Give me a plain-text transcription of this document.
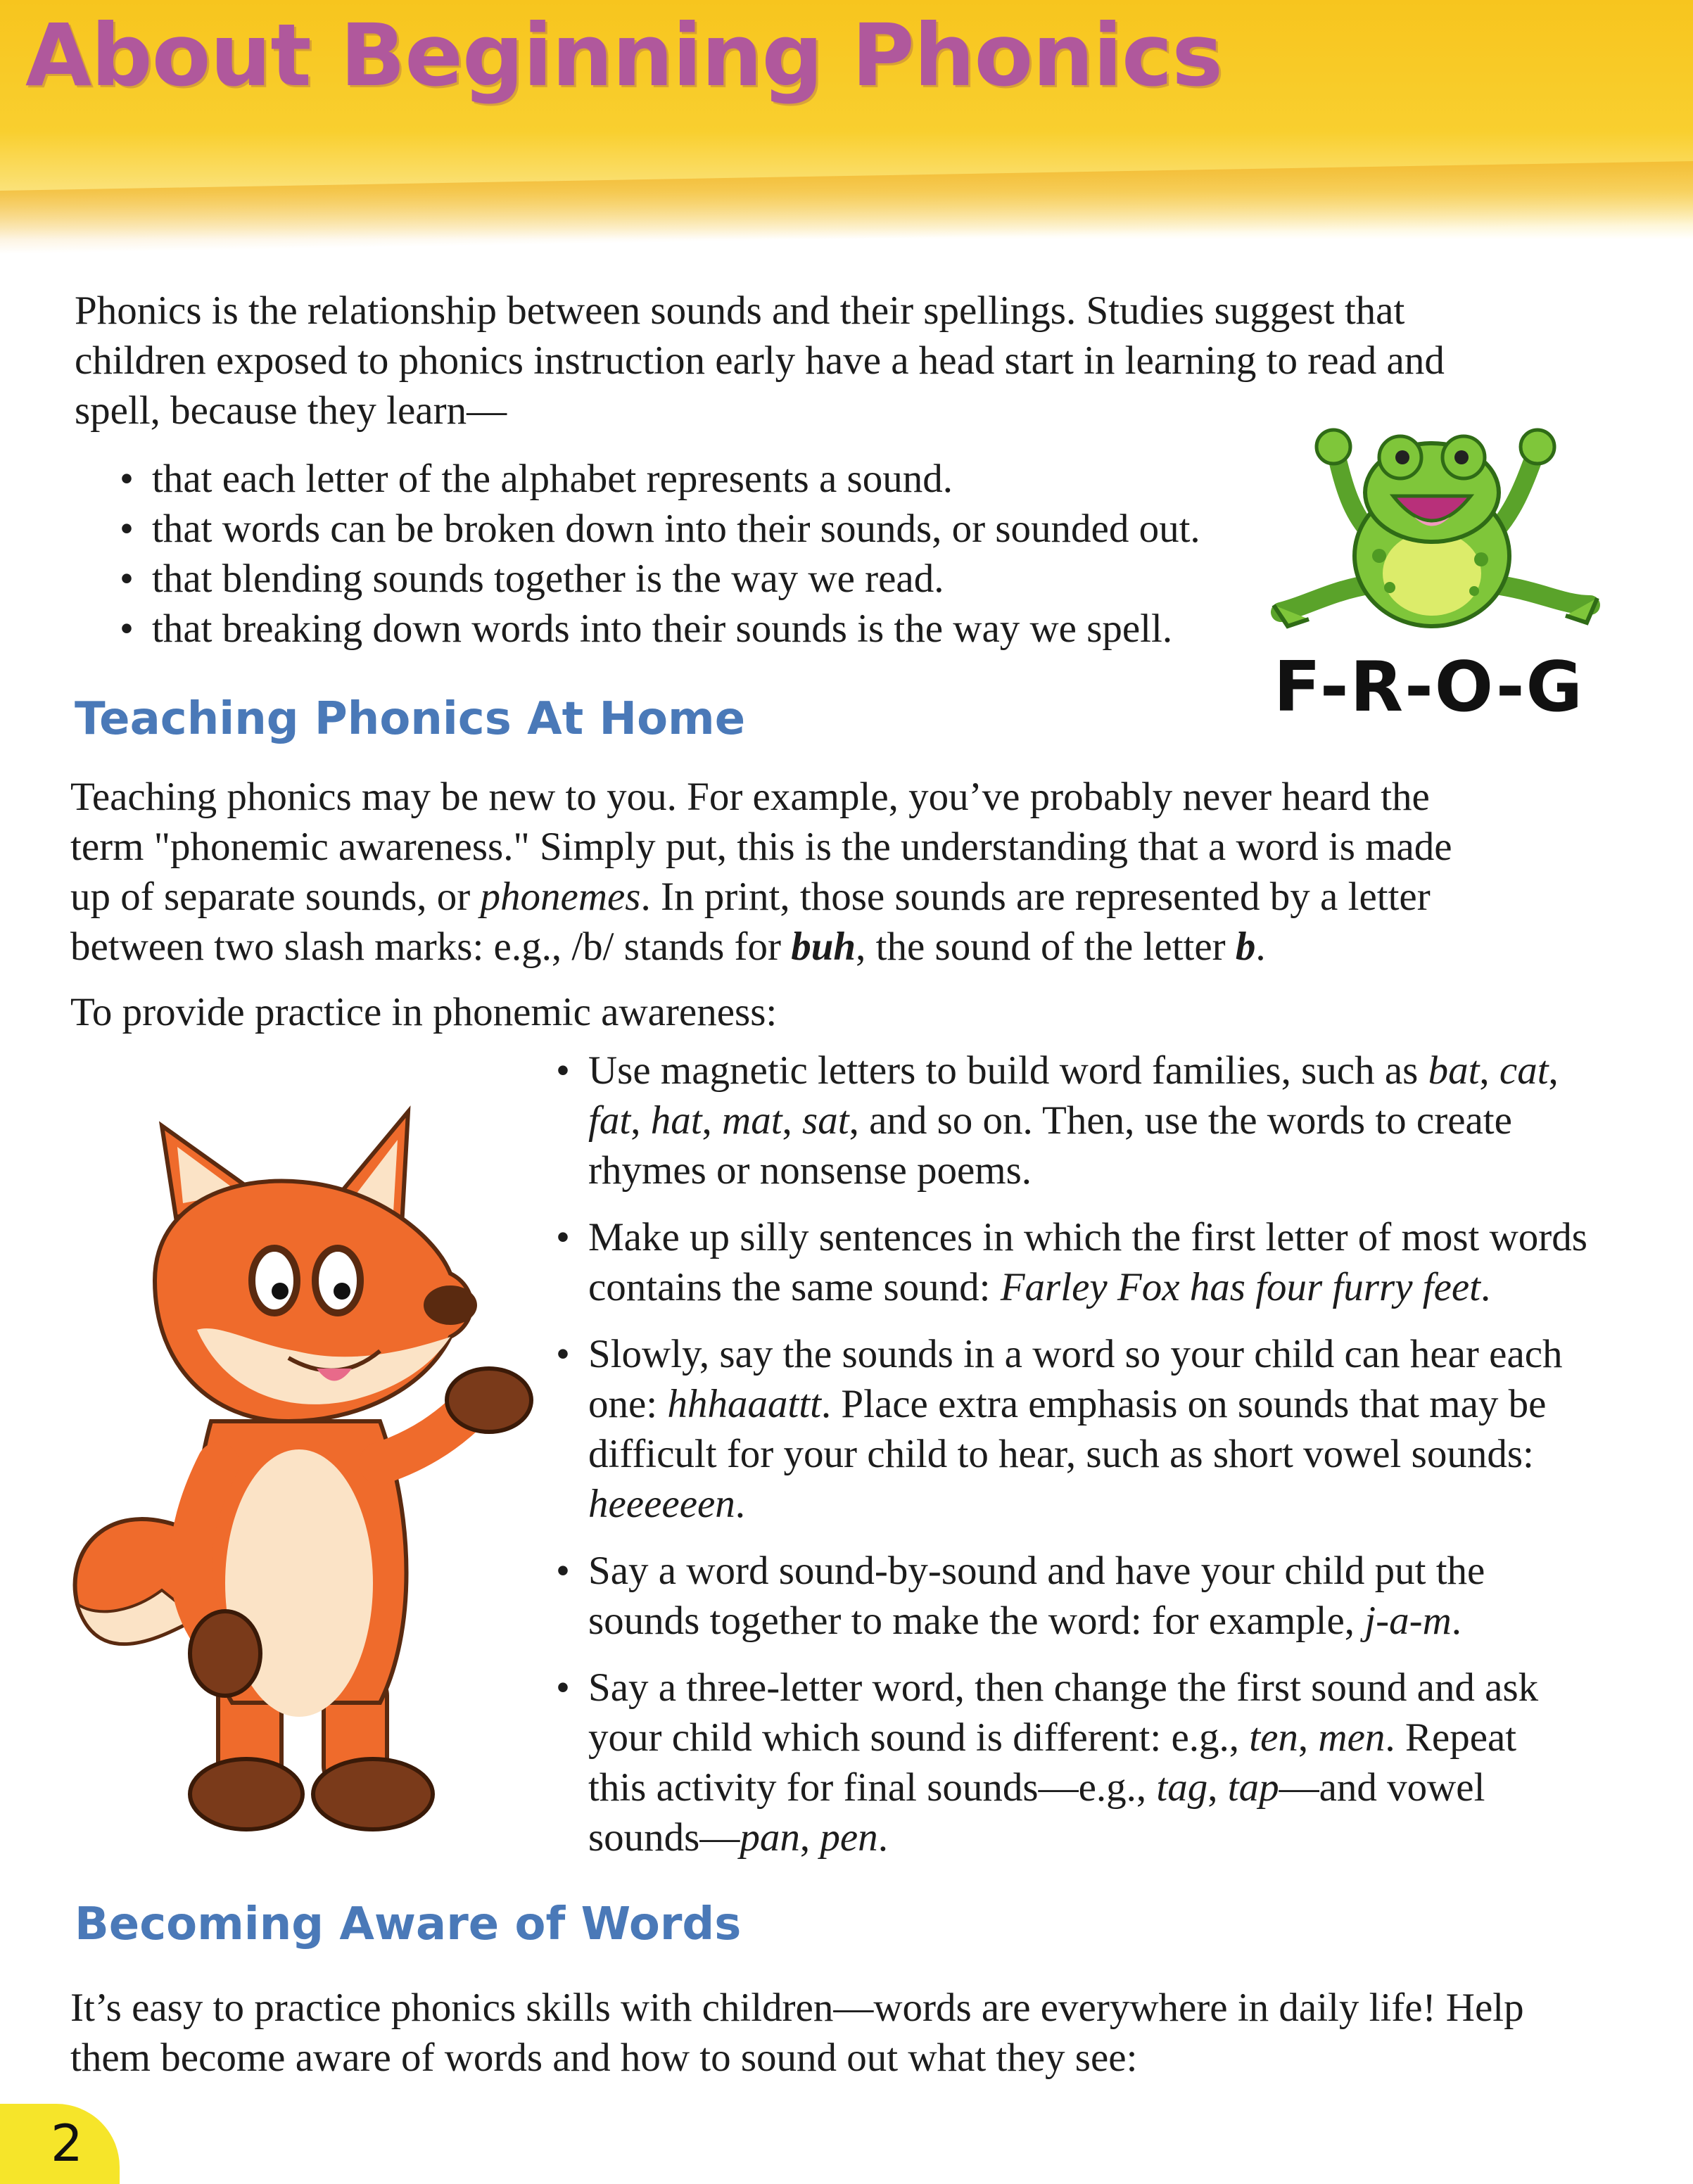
About Beginning Phonics
Phonics is the relationship between sounds and their spellings. Studies suggest that
children exposed to phonics instruction early have a head start in learning to read and
spell, because they learn—
• that each letter of the alphabet represents a sound.
• that words can be broken down into their sounds, or sounded out.
• that blending sounds together is the way we read.
• that breaking down words into their sounds is the way we spell.
F-R-O-G
Teaching Phonics At Home
Teaching phonics may be new to you. For example, you’ve probably never heard the
term "phonemic awareness." Simply put, this is the understanding that a word is made
up of separate sounds, or phonemes. In print, those sounds are represented by a letter
between two slash marks: e.g., /b/ stands for buh, the sound of the letter b.
To provide practice in phonemic awareness:
• Use magnetic letters to build word families, such as bat, cat,
fat, hat, mat, sat, and so on. Then, use the words to create
rhymes or nonsense poems.
• Make up silly sentences in which the first letter of most words
contains the same sound: Farley Fox has four furry feet.
• Slowly, say the sounds in a word so your child can hear each
one: hhhaaattt. Place extra emphasis on sounds that may be
difficult for your child to hear, such as short vowel sounds:
heeeeeen.
• Say a word sound-by-sound and have your child put the
sounds together to make the word: for example, j-a-m.
• Say a three-letter word, then change the first sound and ask
your child which sound is different: e.g., ten, men. Repeat
this activity for final sounds—e.g., tag, tap—and vowel
sounds—pan, pen.
Becoming Aware of Words
It’s easy to practice phonics skills with children—words are everywhere in daily life! Help
them become aware of words and how to sound out what they see:
2
